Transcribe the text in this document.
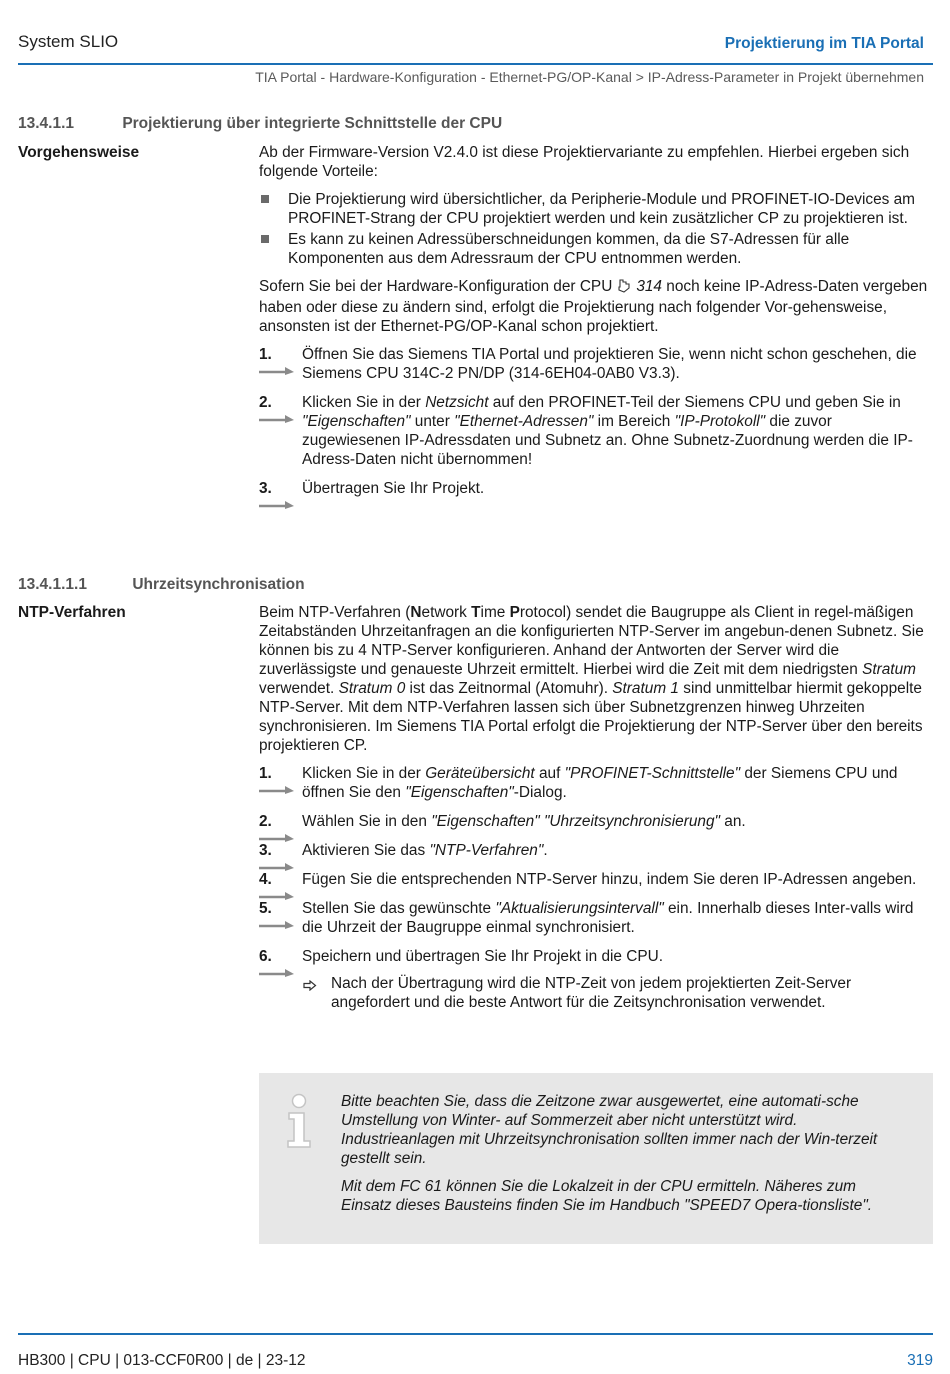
System SLIO	Projektierung im TIA Portal
TIA Portal - Hardware-Konfiguration - Ethernet-PG/OP-Kanal > IP-Adress-Parameter in Projekt übernehmen
13.4.1.1	Projektierung über integrierte Schnittstelle der CPU
Vorgehensweise	Ab der Firmware-Version V2.4.0 ist diese Projektiervariante zu empfehlen. Hierbei ergeben sich folgende Vorteile:

Die Projektierung wird übersichtlicher, da Peripherie-Module und PROFINET-IO-Devices am PROFINET-Strang der CPU projektiert werden und kein zusätzlicher CP zu projektieren ist.
Es kann zu keinen Adressüberschneidungen kommen, da die S7-Adressen für alle Komponenten aus dem Adressraum der CPU entnommen werden.

Sofern Sie bei der Hardware-Konfiguration der CPU 314 noch keine IP-Adress-Daten vergeben haben oder diese zu ändern sind, erfolgt die Projektierung nach folgender Vor-gehensweise, ansonsten ist der Ethernet-PG/OP-Kanal schon projektiert.

1. Öffnen Sie das Siemens TIA Portal und projektieren Sie, wenn nicht schon geschehen, die Siemens CPU 314C-2 PN/DP (314-6EH04-0AB0 V3.3).
2. Klicken Sie in der Netzsicht auf den PROFINET-Teil der Siemens CPU und geben Sie in "Eigenschaften" unter "Ethernet-Adressen" im Bereich "IP-Protokoll" die zuvor zugewiesenen IP-Adressdaten und Subnetz an. Ohne Subnetz-Zuordnung werden die IP-Adress-Daten nicht übernommen!
3. Übertragen Sie Ihr Projekt.
13.4.1.1.1	Uhrzeitsynchronisation
NTP-Verfahren	Beim NTP-Verfahren (Network Time Protocol) sendet die Baugruppe als Client in regel-mäßigen Zeitabständen Uhrzeitanfragen an die konfigurierten NTP-Server im angebun-denen Subnetz. Sie können bis zu 4 NTP-Server konfigurieren. Anhand der Antworten der Server wird die zuverlässigste und genaueste Uhrzeit ermittelt. Hierbei wird die Zeit mit dem niedrigsten Stratum verwendet. Stratum 0 ist das Zeitnormal (Atomuhr). Stratum 1 sind unmittelbar hiermit gekoppelte NTP-Server. Mit dem NTP-Verfahren lassen sich über Subnetzgrenzen hinweg Uhrzeiten synchronisieren. Im Siemens TIA Portal erfolgt die Projektierung der NTP-Server über den bereits projektieren CP.

1. Klicken Sie in der Geräteübersicht auf "PROFINET-Schnittstelle" der Siemens CPU und öffnen Sie den "Eigenschaften"-Dialog.
2. Wählen Sie in den "Eigenschaften" "Uhrzeitsynchronisierung" an.
3. Aktivieren Sie das "NTP-Verfahren".
4. Fügen Sie die entsprechenden NTP-Server hinzu, indem Sie deren IP-Adressen angeben.
5. Stellen Sie das gewünschte "Aktualisierungsintervall" ein. Innerhalb dieses Inter-valls wird die Uhrzeit der Baugruppe einmal synchronisiert.
6. Speichern und übertragen Sie Ihr Projekt in die CPU.
Nach der Übertragung wird die NTP-Zeit von jedem projektierten Zeit-Server angefordert und die beste Antwort für die Zeitsynchronisation verwendet.

Bitte beachten Sie, dass die Zeitzone zwar ausgewertet, eine automati-sche Umstellung von Winter- auf Sommerzeit aber nicht unterstützt wird. Industrieanlagen mit Uhrzeitsynchronisation sollten immer nach der Win-terzeit gestellt sein.

Mit dem FC 61 können Sie die Lokalzeit in der CPU ermitteln. Näheres zum Einsatz dieses Bausteins finden Sie im Handbuch "SPEED7 Opera-tionsliste".

HB300 | CPU | 013-CCF0R00 | de | 23-12	319
